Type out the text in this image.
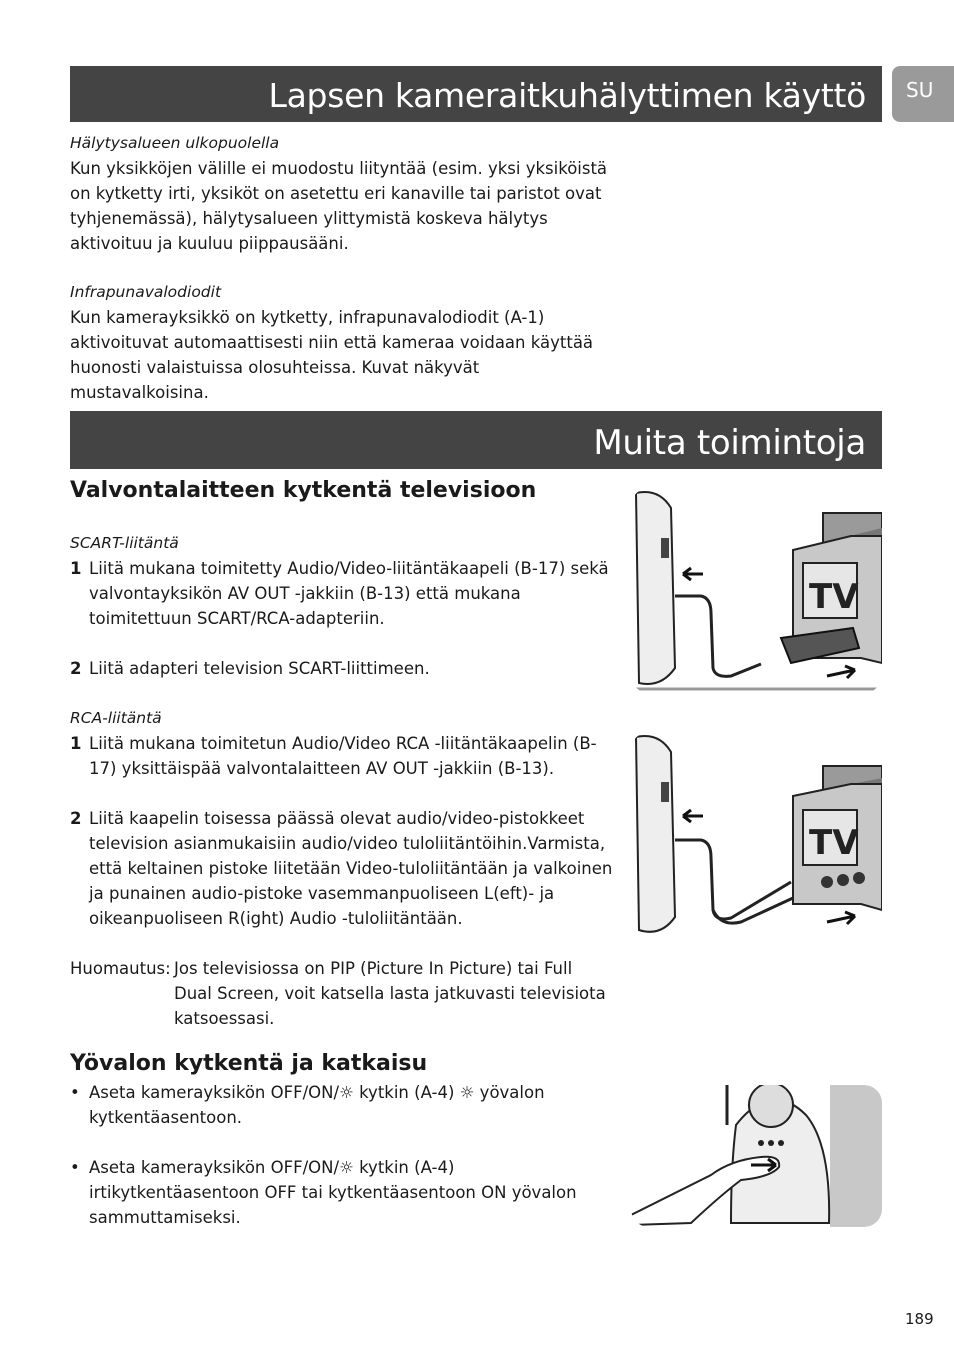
Lapsen kameraitkuhälyttimen käyttö	SU
Hälytysalueen ulkopuolella
Kun yksikköjen välille ei muodostu liityntää (esim. yksi yksiköistä on kytketty irti, yksiköt on asetettu eri kanaville tai paristot ovat tyhjenemässä), hälytysalueen ylittymistä koskeva hälytys aktivoituu ja kuuluu piippausääni.
Infrapunavalodiodit
Kun kamerayksikkö on kytketty, infrapunavalodiodit (A-1) aktivoituvat automaattisesti niin että kameraa voidaan käyttää huonosti valaistuissa olosuhteissa. Kuvat näkyvät mustavalkoisina.
Muita toimintoja
Valvontalaitteen kytkentä televisioon
SCART-liitäntä
1 Liitä mukana toimitetty Audio/Video-liitäntäkaapeli (B-17) sekä valvontayksikön AV OUT -jakkiin (B-13) että mukana toimitettuun SCART/RCA-adapteriin.
2 Liitä adapteri television SCART-liittimeen.
RCA-liitäntä
1 Liitä mukana toimitetun Audio/Video RCA -liitäntäkaapelin (B-17) yksittäispää valvontalaitteen AV OUT -jakkiin (B-13).
2 Liitä kaapelin toisessa päässä olevat audio/video-pistokkeet television asianmukaisiin audio/video tuloliitäntöihin.Varmista, että keltainen pistoke liitetään Video-tuloliitäntään ja valkoinen ja punainen audio-pistoke vasemmanpuoliseen L(eft)- ja oikeanpuoliseen R(ight) Audio -tuloliitäntään.
Huomautus: Jos televisiossa on PIP (Picture In Picture) tai Full Dual Screen, voit katsella lasta jatkuvasti televisiota katsoessasi.
Yövalon kytkentä ja katkaisu
• Aseta kamerayksikön OFF/ON/☼ kytkin (A-4) ☼ yövalon kytkentäasentoon.
• Aseta kamerayksikön OFF/ON/☼ kytkin (A-4) irtikytkentäasentoon OFF tai kytkentäasentoon ON yövalon sammuttamiseksi.
TV
TV
189
